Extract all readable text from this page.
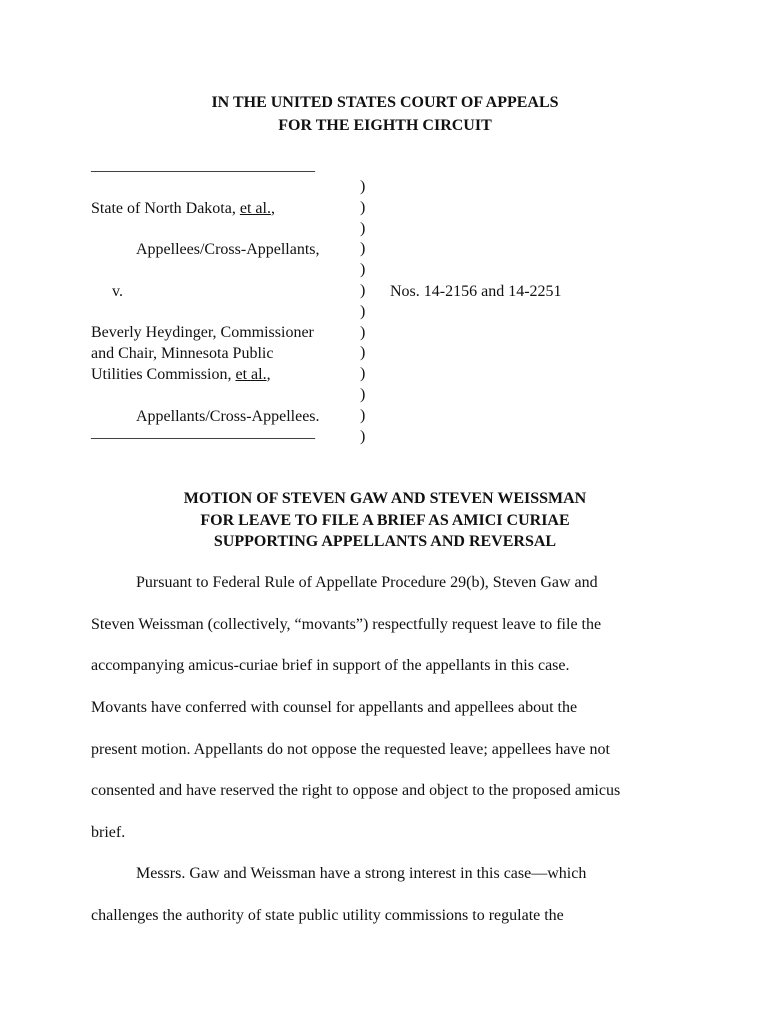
IN THE UNITED STATES COURT OF APPEALS
FOR THE EIGHTH CIRCUIT
____________________________
State of North Dakota, et al.,
Appellees/Cross-Appellants,
v.
Beverly Heydinger, Commissioner
and Chair, Minnesota Public
Utilities Commission, et al.,
Appellants/Cross-Appellees.
____________________________
)
)
)
)
)
)
)
)
)
)
)
)
)
Nos. 14-2156 and 14-2251
MOTION OF STEVEN GAW AND STEVEN WEISSMAN
FOR LEAVE TO FILE A BRIEF AS AMICI CURIAE
SUPPORTING APPELLANTS AND REVERSAL
Pursuant to Federal Rule of Appellate Procedure 29(b), Steven Gaw and
Steven Weissman (collectively, “movants”) respectfully request leave to file the
accompanying amicus-curiae brief in support of the appellants in this case.
Movants have conferred with counsel for appellants and appellees about the
present motion. Appellants do not oppose the requested leave; appellees have not
consented and have reserved the right to oppose and object to the proposed amicus
brief.
Messrs. Gaw and Weissman have a strong interest in this case—which
challenges the authority of state public utility commissions to regulate the
